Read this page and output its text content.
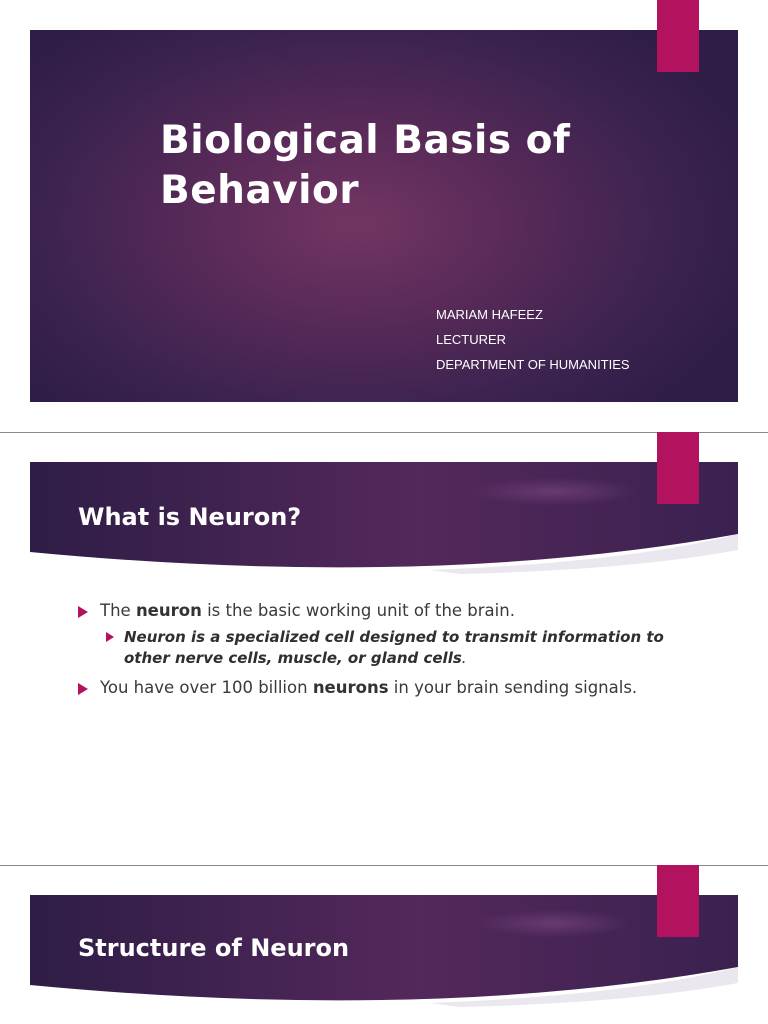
Biological Basis of Behavior
MARIAM HAFEEZ
LECTURER
DEPARTMENT OF HUMANITIES
What is Neuron?
The neuron is the basic working unit of the brain.
Neuron is a specialized cell designed to transmit information to other nerve cells, muscle, or gland cells.
You have over 100 billion neurons in your brain sending signals.
Structure of Neuron
